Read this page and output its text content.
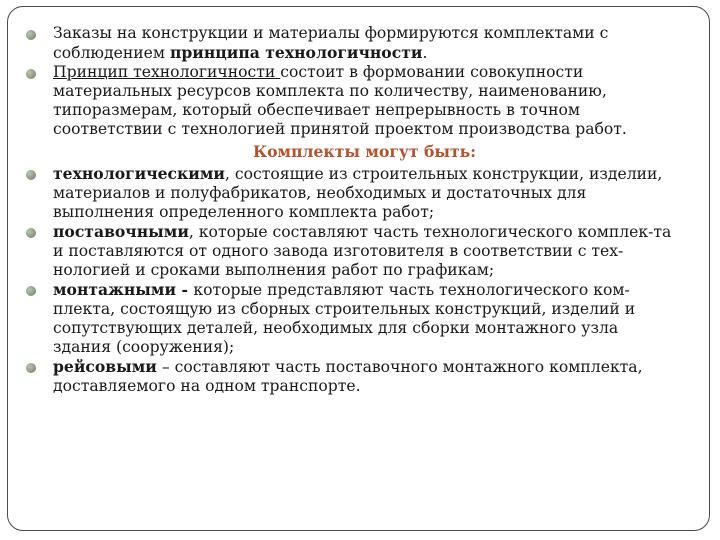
Заказы на конструкции и материалы формируются комплектами с соблюдением принципа технологичности.
Принцип технологичности состоит в формовании совокупности материальных ресурсов комплекта по количеству, наименованию, типоразмерам, который обеспечивает непрерывность в точном соответствии с технологией принятой проектом производства работ.
Комплекты могут быть:
технологическими, состоящие из строительных конструкции, изделии, материалов и полуфабрикатов, необходимых и достаточных для выполнения определенного комплекта работ;
поставочными, которые составляют часть технологического комплек-та и поставляются от одного завода изготовителя в соответствии с тех-нологией и сроками выполнения работ по графикам;
монтажными - которые представляют часть технологического ком-плекта, состоящую из сборных строительных конструкций, изделий и сопутствующих деталей, необходимых для сборки монтажного узла здания (сооружения);
рейсовыми – составляют часть поставочного монтажного комплекта, доставляемого на одном транспорте.
